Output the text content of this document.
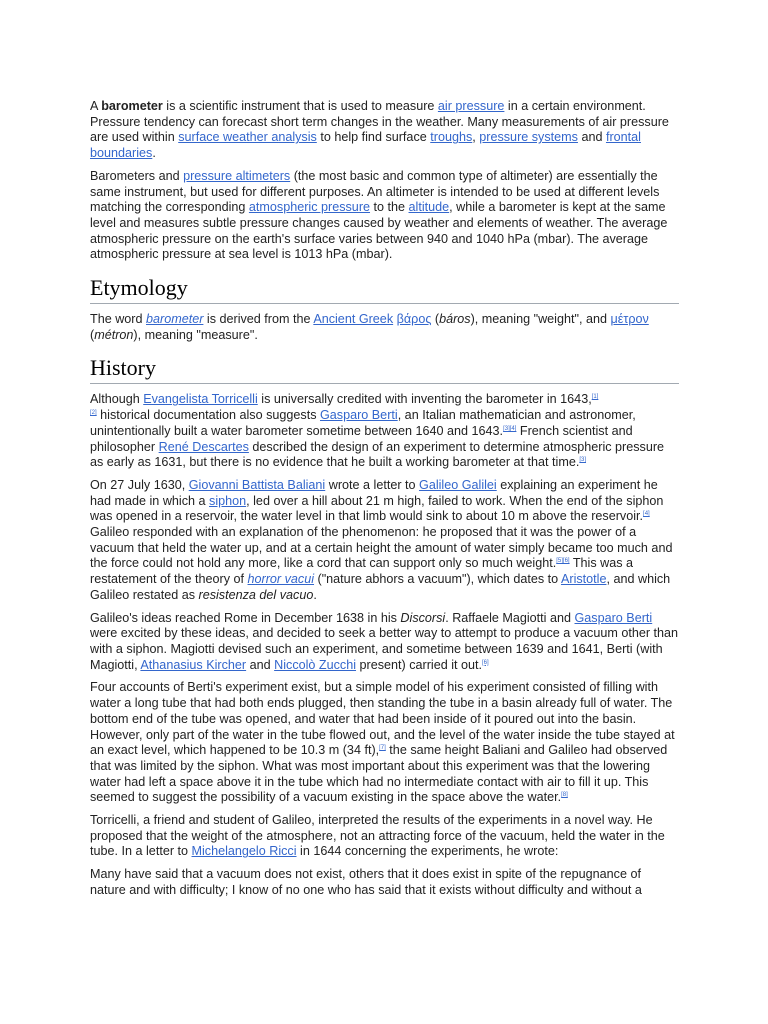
A barometer is a scientific instrument that is used to measure air pressure in a certain environment. Pressure tendency can forecast short term changes in the weather. Many measurements of air pressure are used within surface weather analysis to help find surface troughs, pressure systems and frontal boundaries.

Barometers and pressure altimeters (the most basic and common type of altimeter) are essentially the same instrument, but used for different purposes. An altimeter is intended to be used at different levels matching the corresponding atmospheric pressure to the altitude, while a barometer is kept at the same level and measures subtle pressure changes caused by weather and elements of weather. The average atmospheric pressure on the earth's surface varies between 940 and 1040 hPa (mbar). The average atmospheric pressure at sea level is 1013 hPa (mbar).

Etymology

The word barometer is derived from the Ancient Greek βάρος (báros), meaning "weight", and μέτρον (métron), meaning "measure".

History

Although Evangelista Torricelli is universally credited with inventing the barometer in 1643,[1]
[2] historical documentation also suggests Gasparo Berti, an Italian mathematician and astronomer, unintentionally built a water barometer sometime between 1640 and 1643.[3][4] French scientist and philosopher René Descartes described the design of an experiment to determine atmospheric pressure as early as 1631, but there is no evidence that he built a working barometer at that time.[3]

On 27 July 1630, Giovanni Battista Baliani wrote a letter to Galileo Galilei explaining an experiment he had made in which a siphon, led over a hill about 21 m high, failed to work. When the end of the siphon was opened in a reservoir, the water level in that limb would sink to about 10 m above the reservoir.[4] Galileo responded with an explanation of the phenomenon: he proposed that it was the power of a vacuum that held the water up, and at a certain height the amount of water simply became too much and the force could not hold any more, like a cord that can support only so much weight.[5][6] This was a restatement of the theory of horror vacui ("nature abhors a vacuum"), which dates to Aristotle, and which Galileo restated as resistenza del vacuo.

Galileo's ideas reached Rome in December 1638 in his Discorsi. Raffaele Magiotti and Gasparo Berti were excited by these ideas, and decided to seek a better way to attempt to produce a vacuum other than with a siphon. Magiotti devised such an experiment, and sometime between 1639 and 1641, Berti (with Magiotti, Athanasius Kircher and Niccolò Zucchi present) carried it out.[6]

Four accounts of Berti's experiment exist, but a simple model of his experiment consisted of filling with water a long tube that had both ends plugged, then standing the tube in a basin already full of water. The bottom end of the tube was opened, and water that had been inside of it poured out into the basin. However, only part of the water in the tube flowed out, and the level of the water inside the tube stayed at an exact level, which happened to be 10.3 m (34 ft),[7] the same height Baliani and Galileo had observed that was limited by the siphon. What was most important about this experiment was that the lowering water had left a space above it in the tube which had no intermediate contact with air to fill it up. This seemed to suggest the possibility of a vacuum existing in the space above the water.[8]

Torricelli, a friend and student of Galileo, interpreted the results of the experiments in a novel way. He proposed that the weight of the atmosphere, not an attracting force of the vacuum, held the water in the tube. In a letter to Michelangelo Ricci in 1644 concerning the experiments, he wrote:

Many have said that a vacuum does not exist, others that it does exist in spite of the repugnance of nature and with difficulty; I know of no one who has said that it exists without difficulty and without a
